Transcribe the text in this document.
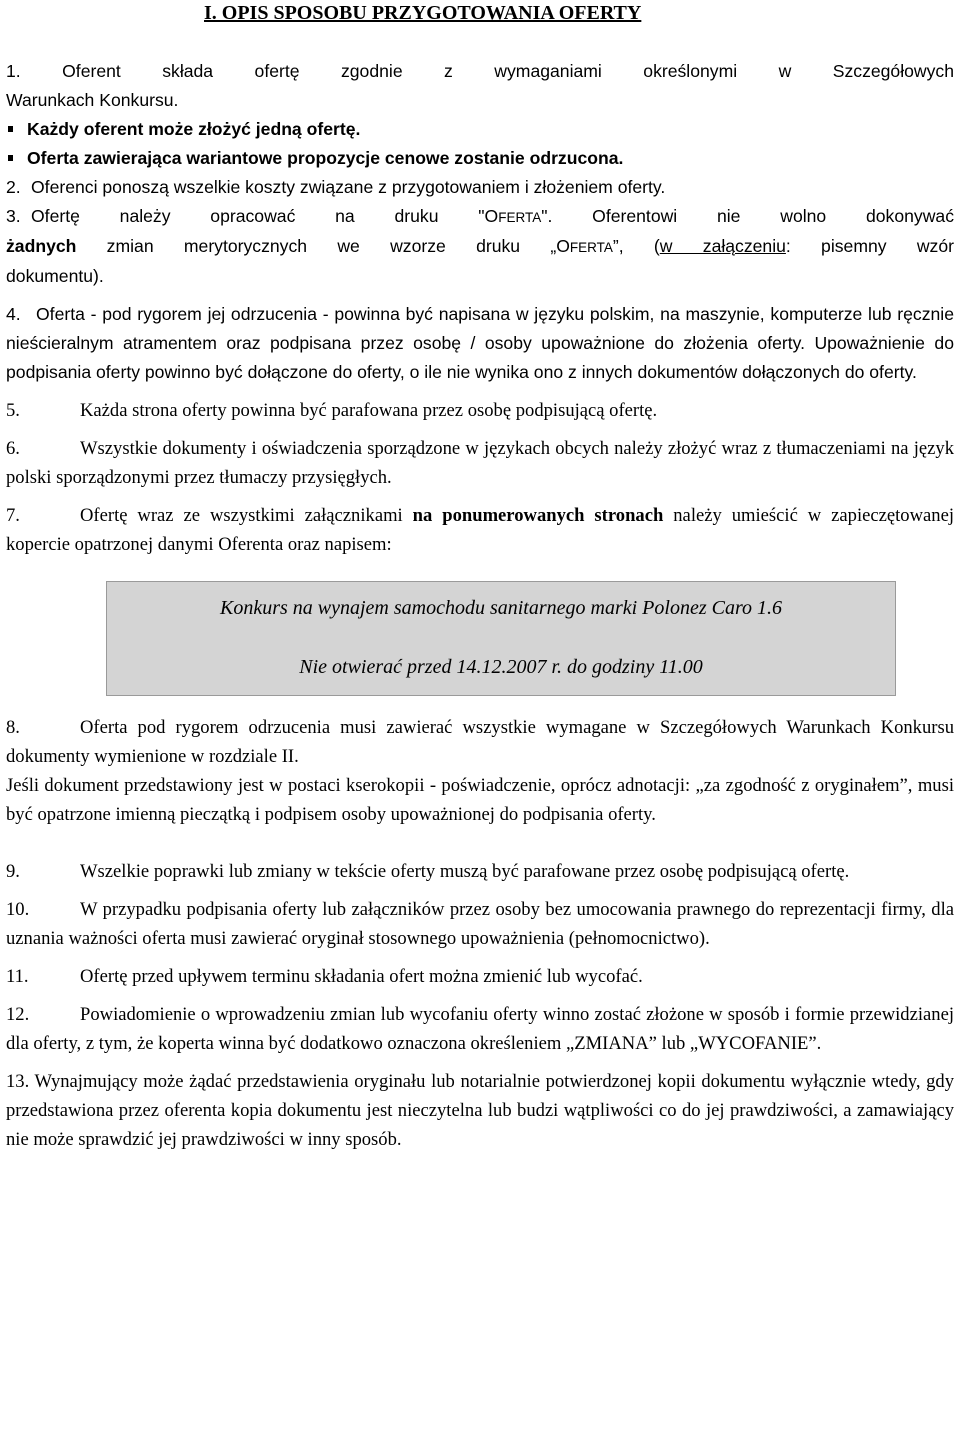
I. OPIS SPOSOBU PRZYGOTOWANIA OFERTY

1. Oferent składa ofertę zgodnie z wymaganiami określonymi w Szczegółowych

Warunkach Konkursu.

Każdy oferent może złożyć jedną ofertę.
Oferta zawierająca wariantowe propozycje cenowe zostanie odrzucona.

2. Oferenci ponoszą wszelkie koszty związane z przygotowaniem i złożeniem oferty.

3. Ofertę należy opracować na druku "OFERTA". Oferentowi nie wolno dokonywać

żadnych zmian merytorycznych we wzorze druku „OFERTA”, (w załączeniu: pisemny wzór

dokumentu).

4. Oferta - pod rygorem jej odrzucenia - powinna być napisana w języku polskim, na maszynie, komputerze lub ręcznie nieścieralnym atramentem oraz podpisana przez osobę / osoby upoważnione do złożenia oferty. Upoważnienie do podpisania oferty powinno być dołączone do oferty, o ile nie wynika ono z innych dokumentów dołączonych do oferty.

5.	Każda strona oferty powinna być parafowana przez osobę podpisującą ofertę.

6.	Wszystkie dokumenty i oświadczenia sporządzone w językach obcych należy złożyć wraz z tłumaczeniami na język polski sporządzonymi przez tłumaczy przysięgłych.

7.	Ofertę wraz ze wszystkimi załącznikami na ponumerowanych stronach należy umieścić w zapieczętowanej kopercie opatrzonej danymi Oferenta oraz napisem:

Konkurs na wynajem samochodu sanitarnego marki Polonez Caro 1.6
Nie otwierać przed 14.12.2007 r. do godziny 11.00

8.	Oferta pod rygorem odrzucenia musi zawierać wszystkie wymagane w Szczegółowych Warunkach Konkursu dokumenty wymienione w rozdziale II.

Jeśli dokument przedstawiony jest w postaci kserokopii - poświadczenie, oprócz adnotacji: „za zgodność z oryginałem”, musi być opatrzone imienną pieczątką i podpisem osoby upoważnionej do podpisania oferty.

9.	Wszelkie poprawki lub zmiany w tekście oferty muszą być parafowane przez osobę podpisującą ofertę.

10.	W przypadku podpisania oferty lub załączników przez osoby bez umocowania prawnego do reprezentacji firmy, dla uznania ważności oferta musi zawierać oryginał stosownego upoważnienia (pełnomocnictwo).

11.	Ofertę przed upływem terminu składania ofert można zmienić lub wycofać.

12.	Powiadomienie o wprowadzeniu zmian lub wycofaniu oferty winno zostać złożone w sposób i formie przewidzianej dla oferty, z tym, że koperta winna być dodatkowo oznaczona określeniem „ZMIANA” lub „WYCOFANIE”.

13. Wynajmujący może żądać przedstawienia oryginału lub notarialnie potwierdzonej kopii dokumentu wyłącznie wtedy, gdy przedstawiona przez oferenta kopia dokumentu jest nieczytelna lub budzi wątpliwości co do jej prawdziwości, a zamawiający nie może sprawdzić jej prawdziwości w inny sposób.
